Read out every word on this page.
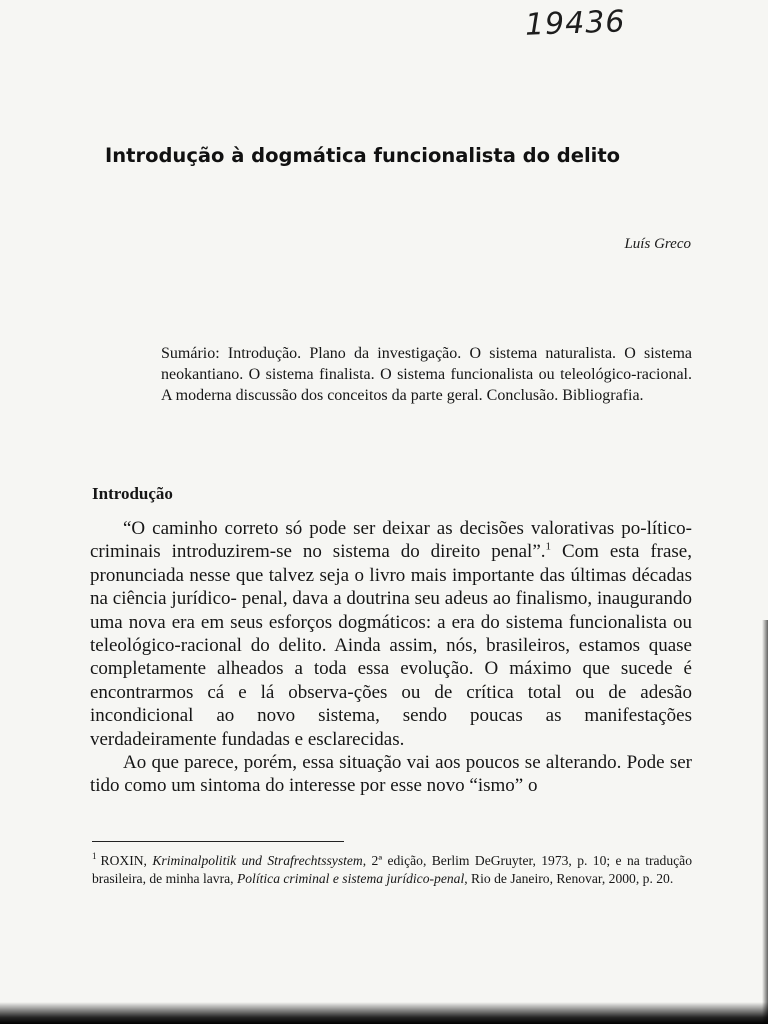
19436
Introdução à dogmática funcionalista do delito
Luís Greco
Sumário: Introdução. Plano da investigação. O sistema naturalista. O sistema neokantiano. O sistema finalista. O sistema funcionalista ou teleológico-racional. A moderna discussão dos conceitos da parte geral. Conclusão. Bibliografia.
Introdução

“O caminho correto só pode ser deixar as decisões valorativas po-lítico-criminais introduzirem-se no sistema do direito penal”.$^1$ Com esta frase, pronunciada nesse que talvez seja o livro mais importante das últimas décadas na ciência jurídico- penal, dava a doutrina seu adeus ao finalismo, inaugurando uma nova era em seus esforços dogmáticos: a era do sistema funcionalista ou teleológico-racional do delito. Ainda assim, nós, brasileiros, estamos quase completamente alheados a toda essa evolução. O máximo que sucede é encontrarmos cá e lá observa-ções ou de crítica total ou de adesão incondicional ao novo sistema, sendo poucas as manifestações verdadeiramente fundadas e esclarecidas.

Ao que parece, porém, essa situação vai aos poucos se alterando. Pode ser tido como um sintoma do interesse por esse novo “ismo” o

$^1$ ROXIN, Kriminalpolitik und Strafrechtssystem, 2ª edição, Berlim DeGruyter, 1973, p. 10; e na tradução brasileira, de minha lavra, Política criminal e sistema jurídico-penal, Rio de Janeiro, Renovar, 2000, p. 20.
